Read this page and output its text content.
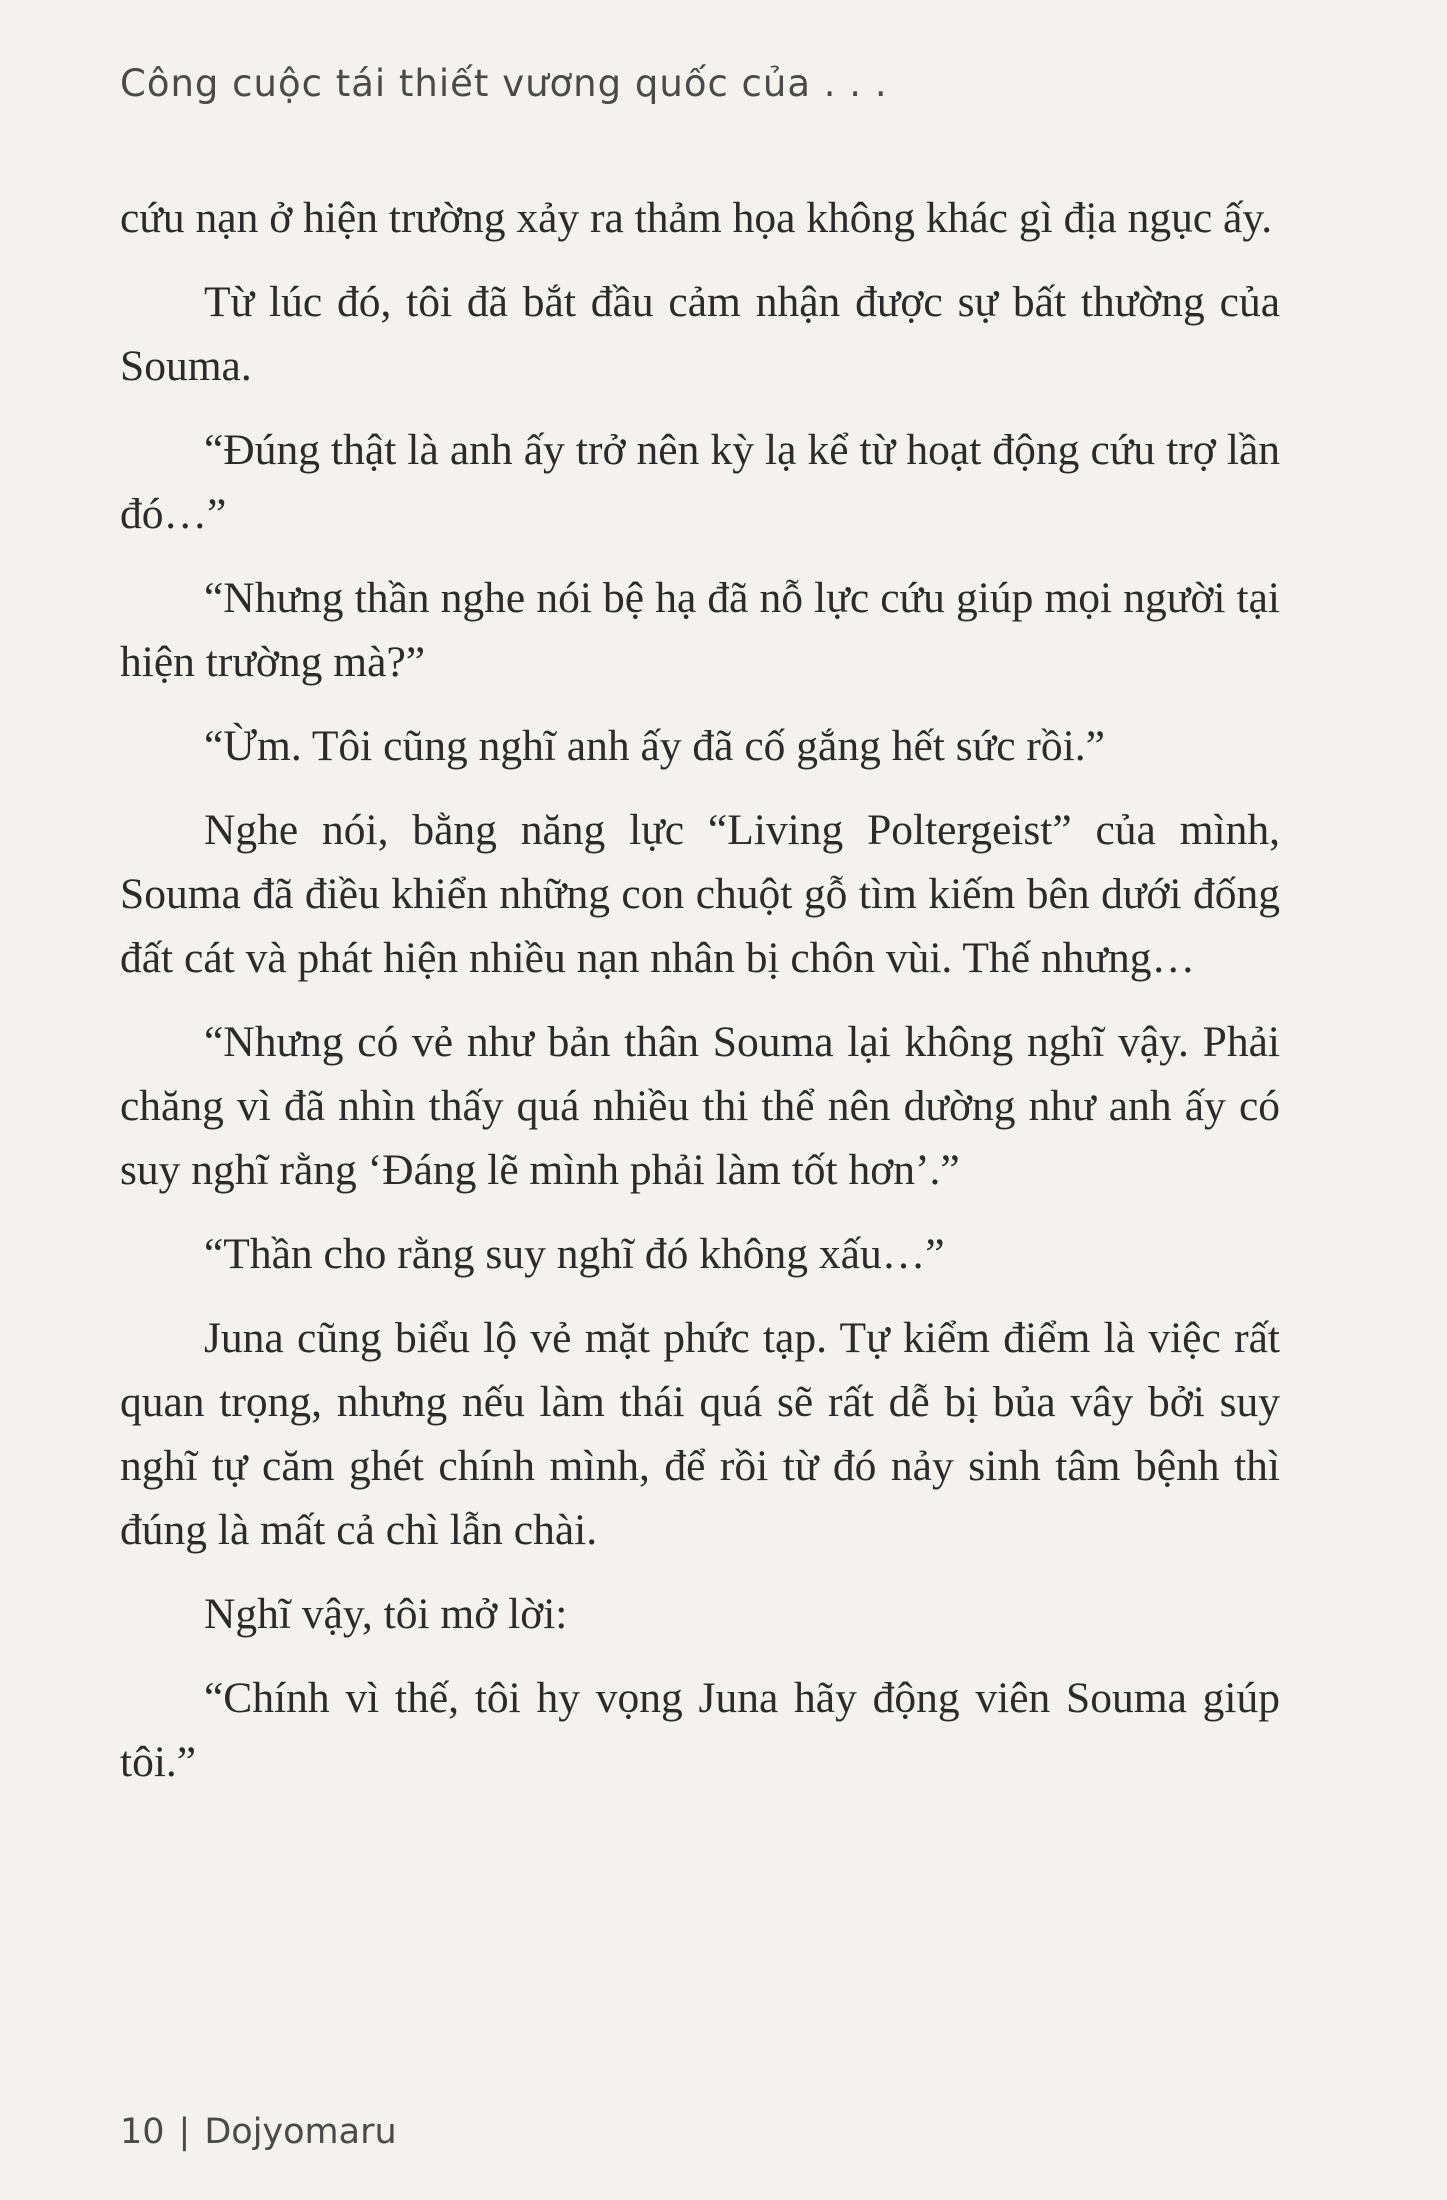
Công cuộc tái thiết vương quốc của . . .

cứu nạn ở hiện trường xảy ra thảm họa không khác gì địa ngục ấy.

Từ lúc đó, tôi đã bắt đầu cảm nhận được sự bất thường của Souma.

“Đúng thật là anh ấy trở nên kỳ lạ kể từ hoạt động cứu trợ lần đó…”

“Nhưng thần nghe nói bệ hạ đã nỗ lực cứu giúp mọi người tại hiện trường mà?”

“Ừm. Tôi cũng nghĩ anh ấy đã cố gắng hết sức rồi.”

Nghe nói, bằng năng lực “Living Poltergeist” của mình, Souma đã điều khiển những con chuột gỗ tìm kiếm bên dưới đống đất cát và phát hiện nhiều nạn nhân bị chôn vùi. Thế nhưng…

“Nhưng có vẻ như bản thân Souma lại không nghĩ vậy. Phải chăng vì đã nhìn thấy quá nhiều thi thể nên dường như anh ấy có suy nghĩ rằng ‘Đáng lẽ mình phải làm tốt hơn’.”

“Thần cho rằng suy nghĩ đó không xấu…”

Juna cũng biểu lộ vẻ mặt phức tạp. Tự kiểm điểm là việc rất quan trọng, nhưng nếu làm thái quá sẽ rất dễ bị bủa vây bởi suy nghĩ tự căm ghét chính mình, để rồi từ đó nảy sinh tâm bệnh thì đúng là mất cả chì lẫn chài.

Nghĩ vậy, tôi mở lời:

“Chính vì thế, tôi hy vọng Juna hãy động viên Souma giúp tôi.”

10 | Dojyomaru
